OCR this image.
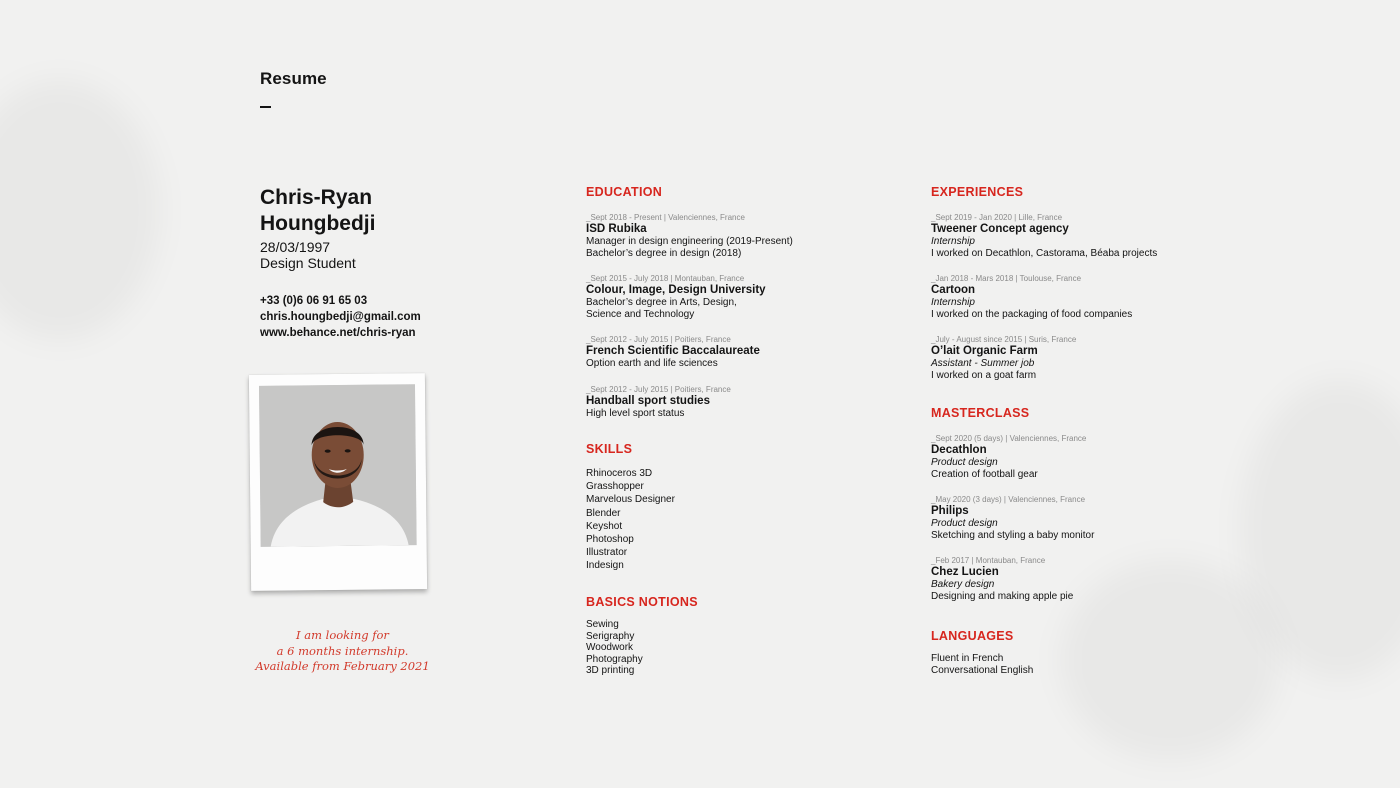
Resume
Chris-Ryan
Houngbedji
28/03/1997
Design Student
+33 (0)6 06 91 65 03
chris.houngbedji@gmail.com
www.behance.net/chris-ryan
I am looking for
a 6 months internship.
Available from February 2021
EDUCATION
_Sept 2018 - Present | Valenciennes, France
ISD Rubika
Manager in design engineering (2019-Present)
Bachelor’s degree in design (2018)
_Sept 2015 - July 2018 | Montauban, France
Colour, Image, Design University
Bachelor’s degree in Arts, Design,
Science and Technology
_Sept 2012 - July 2015 | Poitiers, France
French Scientific Baccalaureate
Option earth and life sciences
_Sept 2012 - July 2015 | Poitiers, France
Handball sport studies
High level sport status
SKILLS
Rhinoceros 3D
Grasshopper
Marvelous Designer
Blender
Keyshot
Photoshop
Illustrator
Indesign
BASICS NOTIONS
Sewing
Serigraphy
Woodwork
Photography
3D printing
EXPERIENCES
_Sept 2019 - Jan 2020 | Lille, France
Tweener Concept agency
Internship
I worked on Decathlon, Castorama, Béaba projects
_Jan 2018 - Mars 2018 | Toulouse, France
Cartoon
Internship
I worked on the packaging of food companies
_July - August since 2015 | Suris, France
O’lait Organic Farm
Assistant - Summer job
I worked on a goat farm
MASTERCLASS
_Sept 2020 (5 days) | Valenciennes, France
Decathlon
Product design
Creation of football gear
_May 2020 (3 days) | Valenciennes, France
Philips
Product design
Sketching and styling a baby monitor
_Feb 2017 | Montauban, France
Chez Lucien
Bakery design
Designing and making apple pie
LANGUAGES
Fluent in French
Conversational English
